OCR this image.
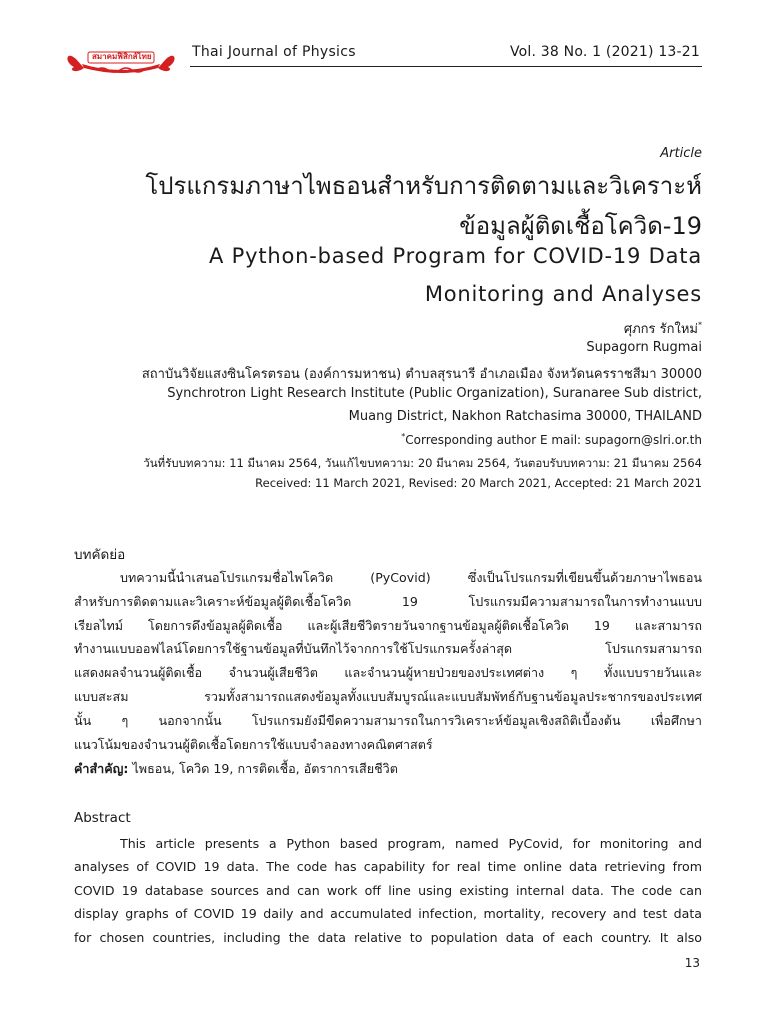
สมาคมฟิสิกส์ไทย	Thai Journal of Physics	Vol. 38 No. 1 (2021) 13-21
Article
โปรแกรมภาษาไพธอนสำหรับการติดตามและวิเคราะห์
ข้อมูลผู้ติดเชื้อโควิด-19
A Python-based Program for COVID-19 Data
Monitoring and Analyses
ศุภกร รักใหม่*
Supagorn Rugmai
สถาบันวิจัยแสงซินโครตรอน (องค์การมหาชน) ตำบลสุรนารี อำเภอเมือง จังหวัดนครราชสีมา 30000
Synchrotron Light Research Institute (Public Organization), Suranaree Sub district,
Muang District, Nakhon Ratchasima 30000, THAILAND
*Corresponding author E mail: supagorn@slri.or.th
วันที่รับบทความ: 11 มีนาคม 2564, วันแก้ไขบทความ: 20 มีนาคม 2564, วันตอบรับบทความ: 21 มีนาคม 2564
Received: 11 March 2021, Revised: 20 March 2021, Accepted: 21 March 2021
บทคัดย่อ
บทความนี้นำเสนอโปรแกรมชื่อไพโควิด (PyCovid) ซึ่งเป็นโปรแกรมที่เขียนขึ้นด้วยภาษาไพธอน
สำหรับการติดตามและวิเคราะห์ข้อมูลผู้ติดเชื้อโควิด 19 โปรแกรมมีความสามารถในการทำงานแบบ
เรียลไทม์ โดยการดึงข้อมูลผู้ติดเชื้อ และผู้เสียชีวิตรายวันจากฐานข้อมูลผู้ติดเชื้อโควิด 19 และสามารถ
ทำงานแบบออฟไลน์โดยการใช้ฐานข้อมูลที่บันทึกไว้จากการใช้โปรแกรมครั้งล่าสุด โปรแกรมสามารถ
แสดงผลจำนวนผู้ติดเชื้อ จำนวนผู้เสียชีวิต และจำนวนผู้หายป่วยของประเทศต่าง ๆ ทั้งแบบรายวันและ
แบบสะสม รวมทั้งสามารถแสดงข้อมูลทั้งแบบสัมบูรณ์และแบบสัมพัทธ์กับฐานข้อมูลประชากรของประเทศ
นั้น ๆ นอกจากนั้น โปรแกรมยังมีขีดความสามารถในการวิเคราะห์ข้อมูลเชิงสถิติเบื้องต้น เพื่อศึกษา
แนวโน้มของจำนวนผู้ติดเชื้อโดยการใช้แบบจำลองทางคณิตศาสตร์
คำสำคัญ: ไพธอน, โควิด 19, การติดเชื้อ, อัตราการเสียชีวิต
Abstract
This article presents a Python based program, named PyCovid, for monitoring and
analyses of COVID 19 data. The code has capability for real time online data retrieving from
COVID 19 database sources and can work off line using existing internal data. The code can
display graphs of COVID 19 daily and accumulated infection, mortality, recovery and test data
for chosen countries, including the data relative to population data of each country. It also
13
